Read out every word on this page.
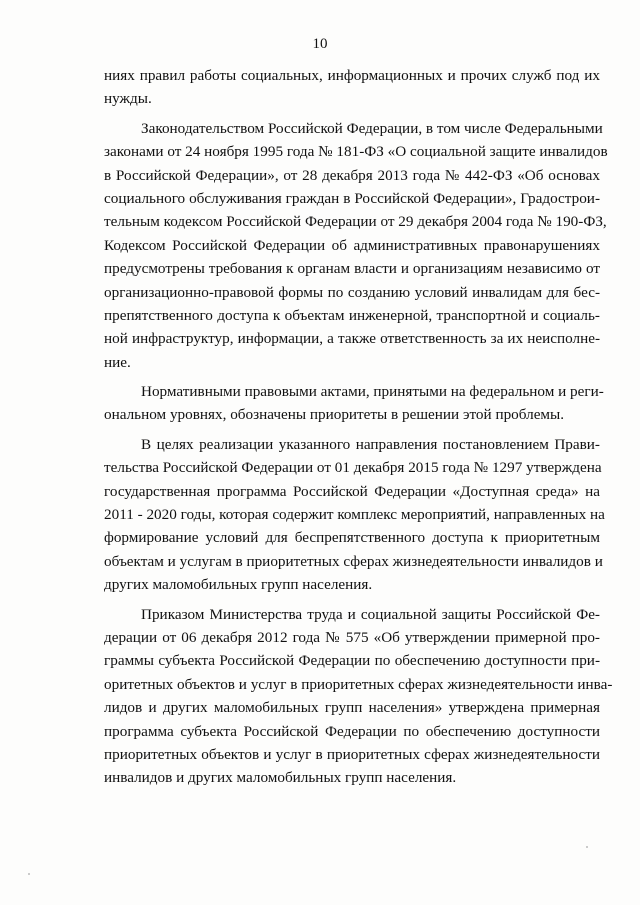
10
ниях правил работы социальных, информационных и прочих служб под их
нужды.
Законодательством Российской Федерации, в том числе Федеральными
законами от 24 ноября 1995 года № 181-ФЗ «О социальной защите инвалидов
в Российской Федерации», от 28 декабря 2013 года № 442-ФЗ «Об основах
социального обслуживания граждан в Российской Федерации», Градострои-
тельным кодексом Российской Федерации от 29 декабря 2004 года № 190-ФЗ,
Кодексом Российской Федерации об административных правонарушениях
предусмотрены требования к органам власти и организациям независимо от
организационно-правовой формы по созданию условий инвалидам для бес-
препятственного доступа к объектам инженерной, транспортной и социаль-
ной инфраструктур, информации, а также ответственность за их неисполне-
ние.
Нормативными правовыми актами, принятыми на федеральном и реги-
ональном уровнях, обозначены приоритеты в решении этой проблемы.
В целях реализации указанного направления постановлением Прави-
тельства Российской Федерации от 01 декабря 2015 года № 1297 утверждена
государственная программа Российской Федерации «Доступная среда» на
2011 - 2020 годы, которая содержит комплекс мероприятий, направленных на
формирование условий для беспрепятственного доступа к приоритетным
объектам и услугам в приоритетных сферах жизнедеятельности инвалидов и
других маломобильных групп населения.
Приказом Министерства труда и социальной защиты Российской Фе-
дерации от 06 декабря 2012 года № 575 «Об утверждении примерной про-
граммы субъекта Российской Федерации по обеспечению доступности при-
оритетных объектов и услуг в приоритетных сферах жизнедеятельности инва-
лидов и других маломобильных групп населения» утверждена примерная
программа субъекта Российской Федерации по обеспечению доступности
приоритетных объектов и услуг в приоритетных сферах жизнедеятельности
инвалидов и других маломобильных групп населения.
